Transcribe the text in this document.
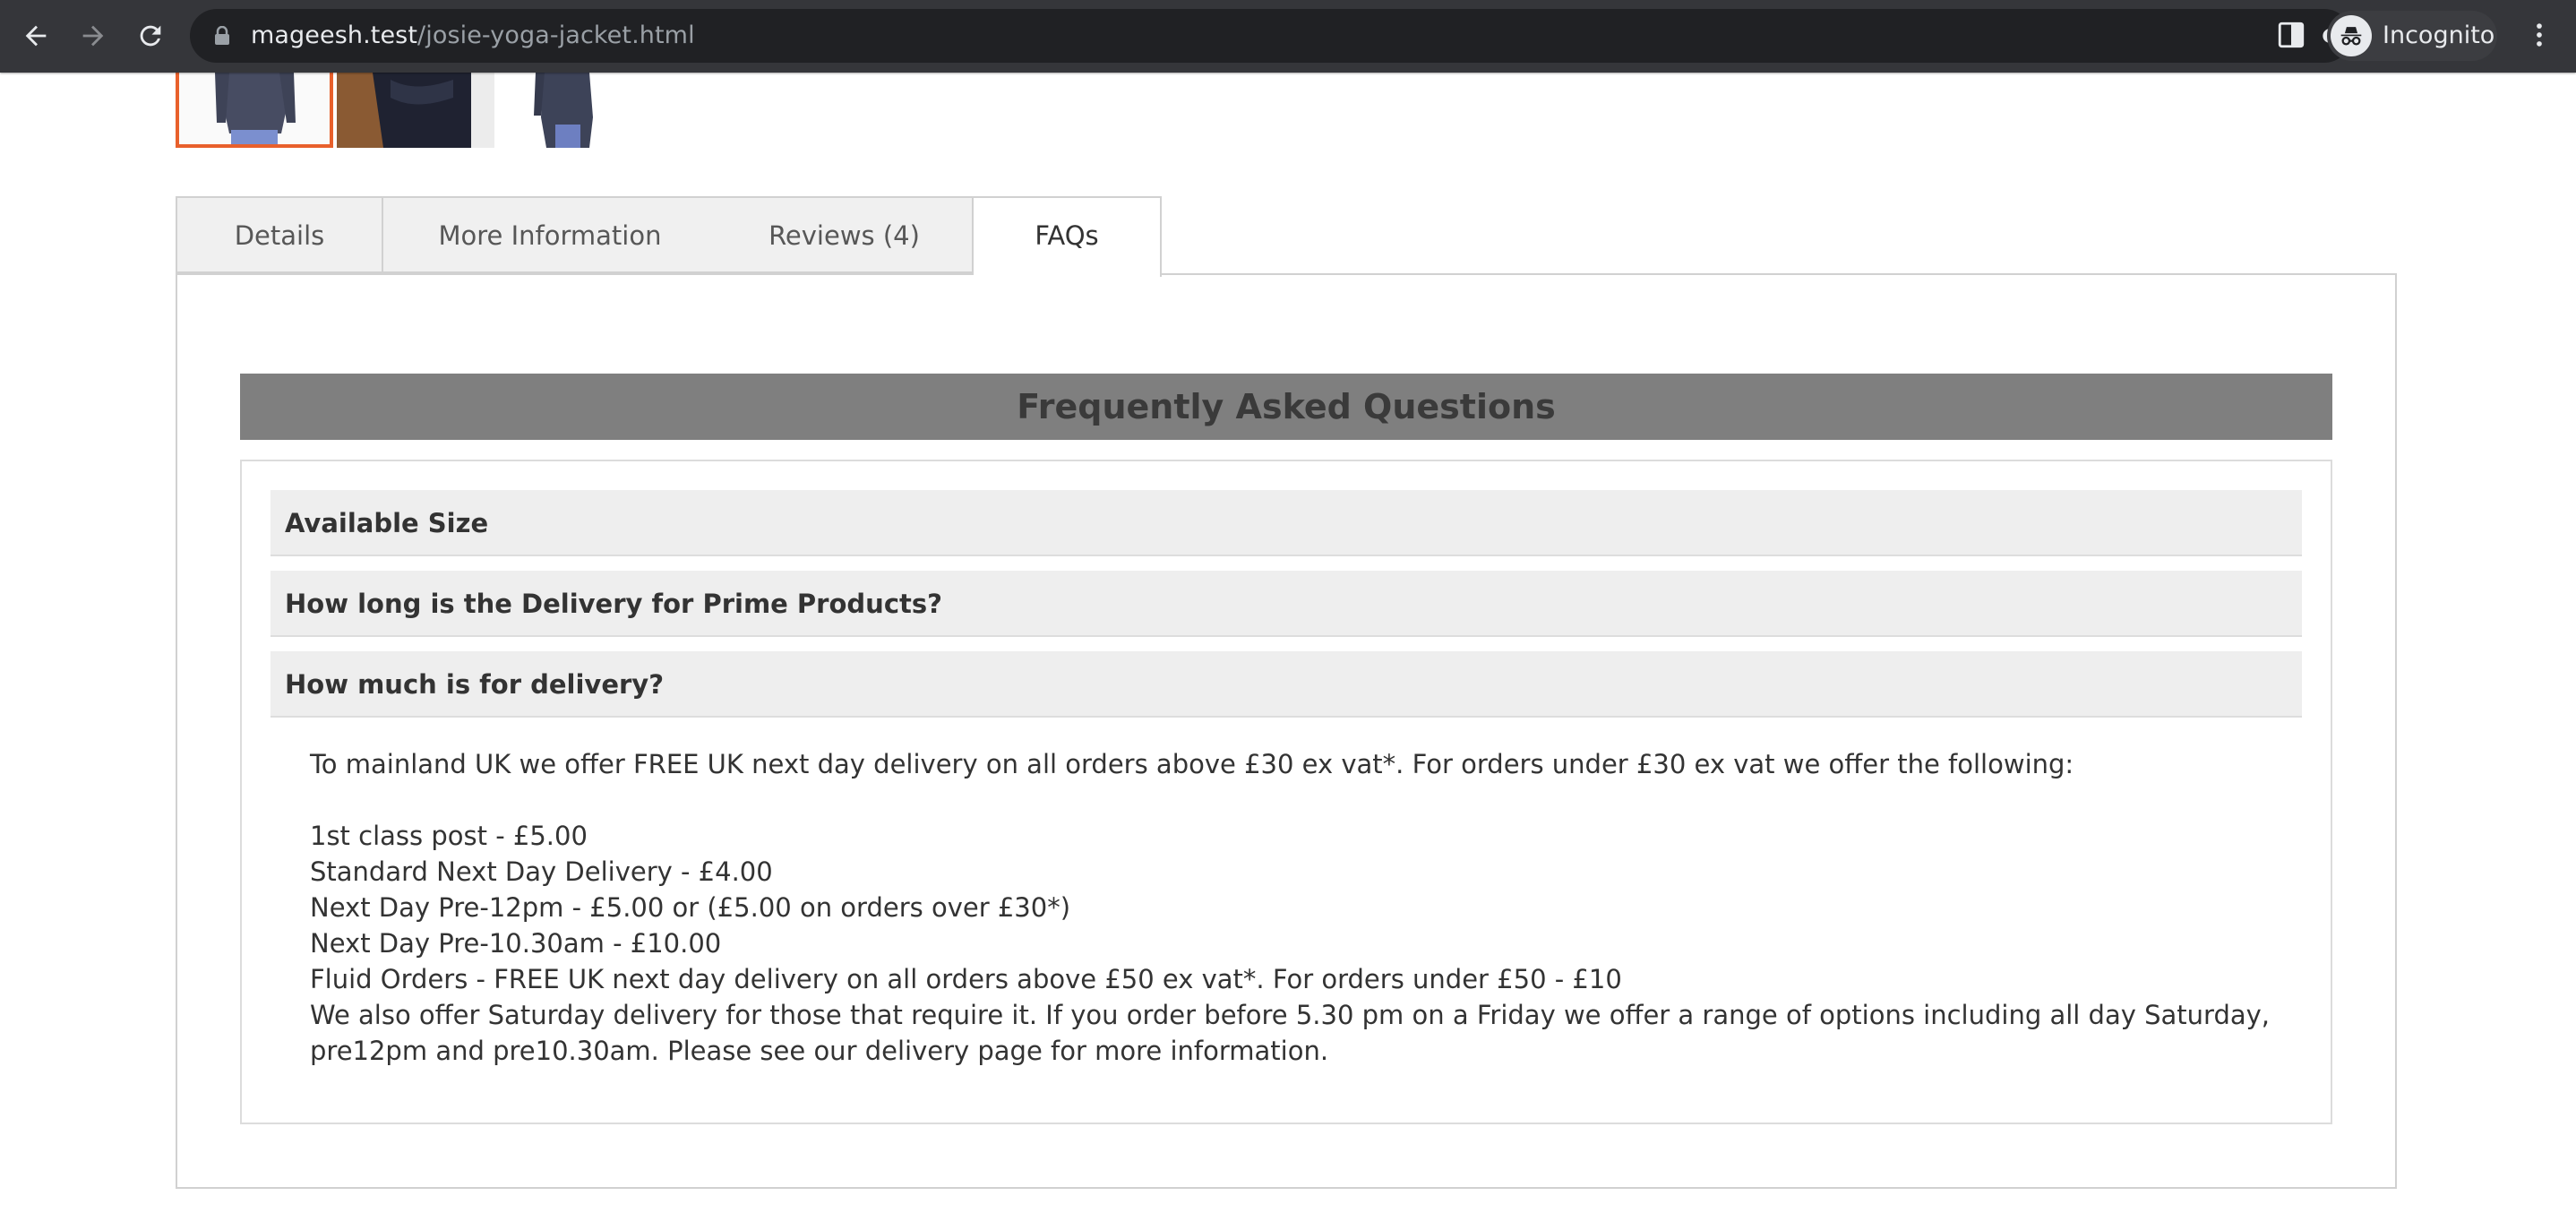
mageesh.test/josie-yoga-jacket.html	Incognito
Details	More Information	Reviews (4)	FAQs
Frequently Asked Questions
Available Size
How long is the Delivery for Prime Products?
How much is for delivery?

To mainland UK we offer FREE UK next day delivery on all orders above £30 ex vat*. For orders under £30 ex vat we offer the following:

1st class post - £5.00

Standard Next Day Delivery - £4.00

Next Day Pre-12pm - £5.00 or (£5.00 on orders over £30*)

Next Day Pre-10.30am - £10.00

Fluid Orders - FREE UK next day delivery on all orders above £50 ex vat*. For orders under £50 - £10

We also offer Saturday delivery for those that require it. If you order before 5.30 pm on a Friday we offer a range of options including all day Saturday, pre12pm and pre10.30am. Please see our delivery page for more information.
